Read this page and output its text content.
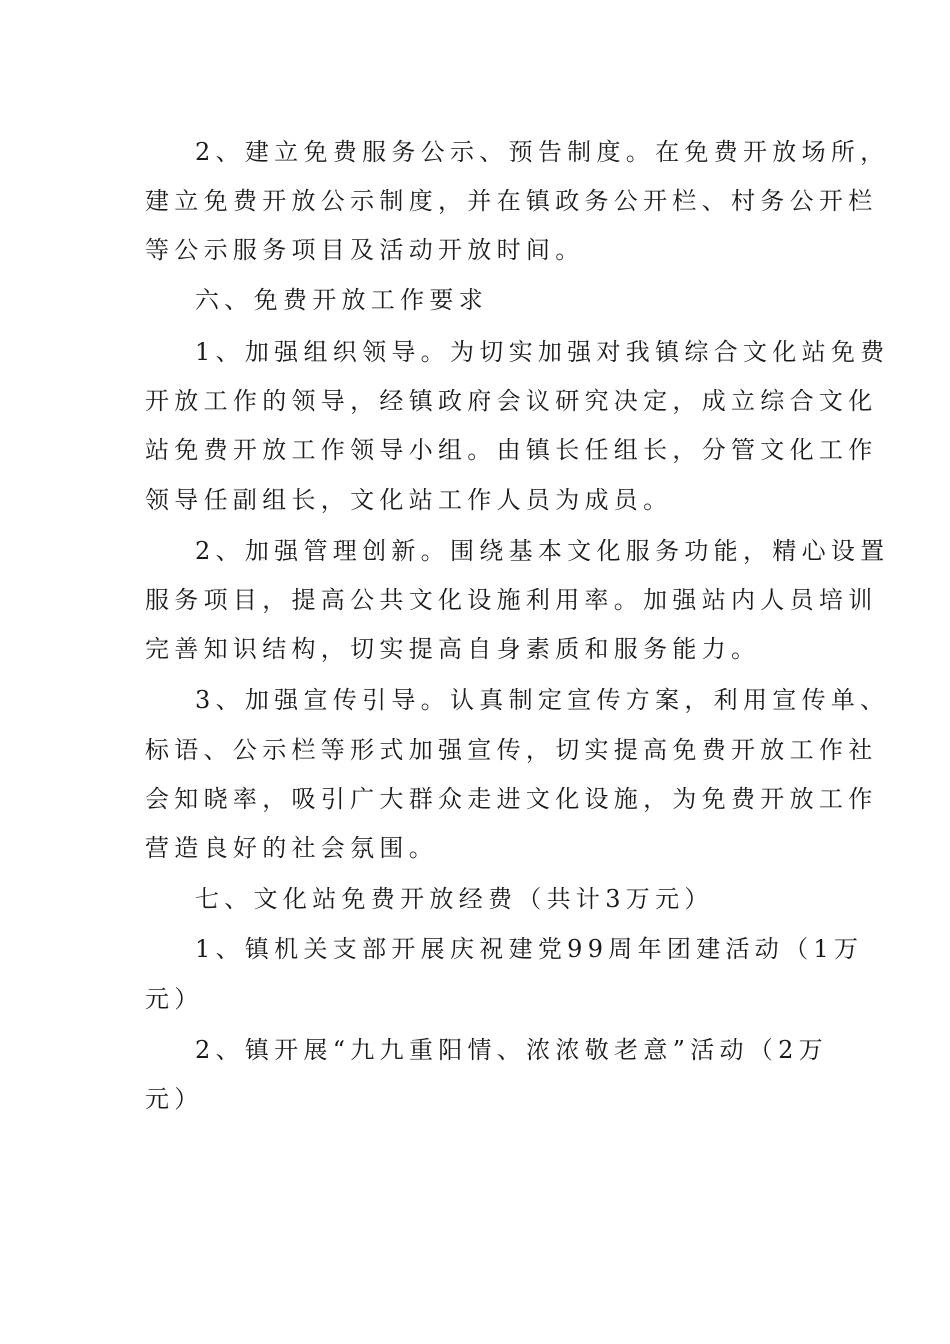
2、建立免费服务公示、预告制度。在免费开放场所，
建立免费开放公示制度，并在镇政务公开栏、村务公开栏
等公示服务项目及活动开放时间。
六、免费开放工作要求
1、加强组织领导。为切实加强对我镇综合文化站免费
开放工作的领导，经镇政府会议研究决定，成立综合文化
站免费开放工作领导小组。由镇长任组长，分管文化工作
领导任副组长，文化站工作人员为成员。
2、加强管理创新。围绕基本文化服务功能，精心设置
服务项目，提高公共文化设施利用率。加强站内人员培训
完善知识结构，切实提高自身素质和服务能力。
3、加强宣传引导。认真制定宣传方案，利用宣传单、
标语、公示栏等形式加强宣传，切实提高免费开放工作社
会知晓率，吸引广大群众走进文化设施，为免费开放工作
营造良好的社会氛围。
七、文化站免费开放经费（共计3万元）
1、镇机关支部开展庆祝建党99周年团建活动（1万
元）
2、镇开展“九九重阳情、浓浓敬老意”活动（2万
元）
